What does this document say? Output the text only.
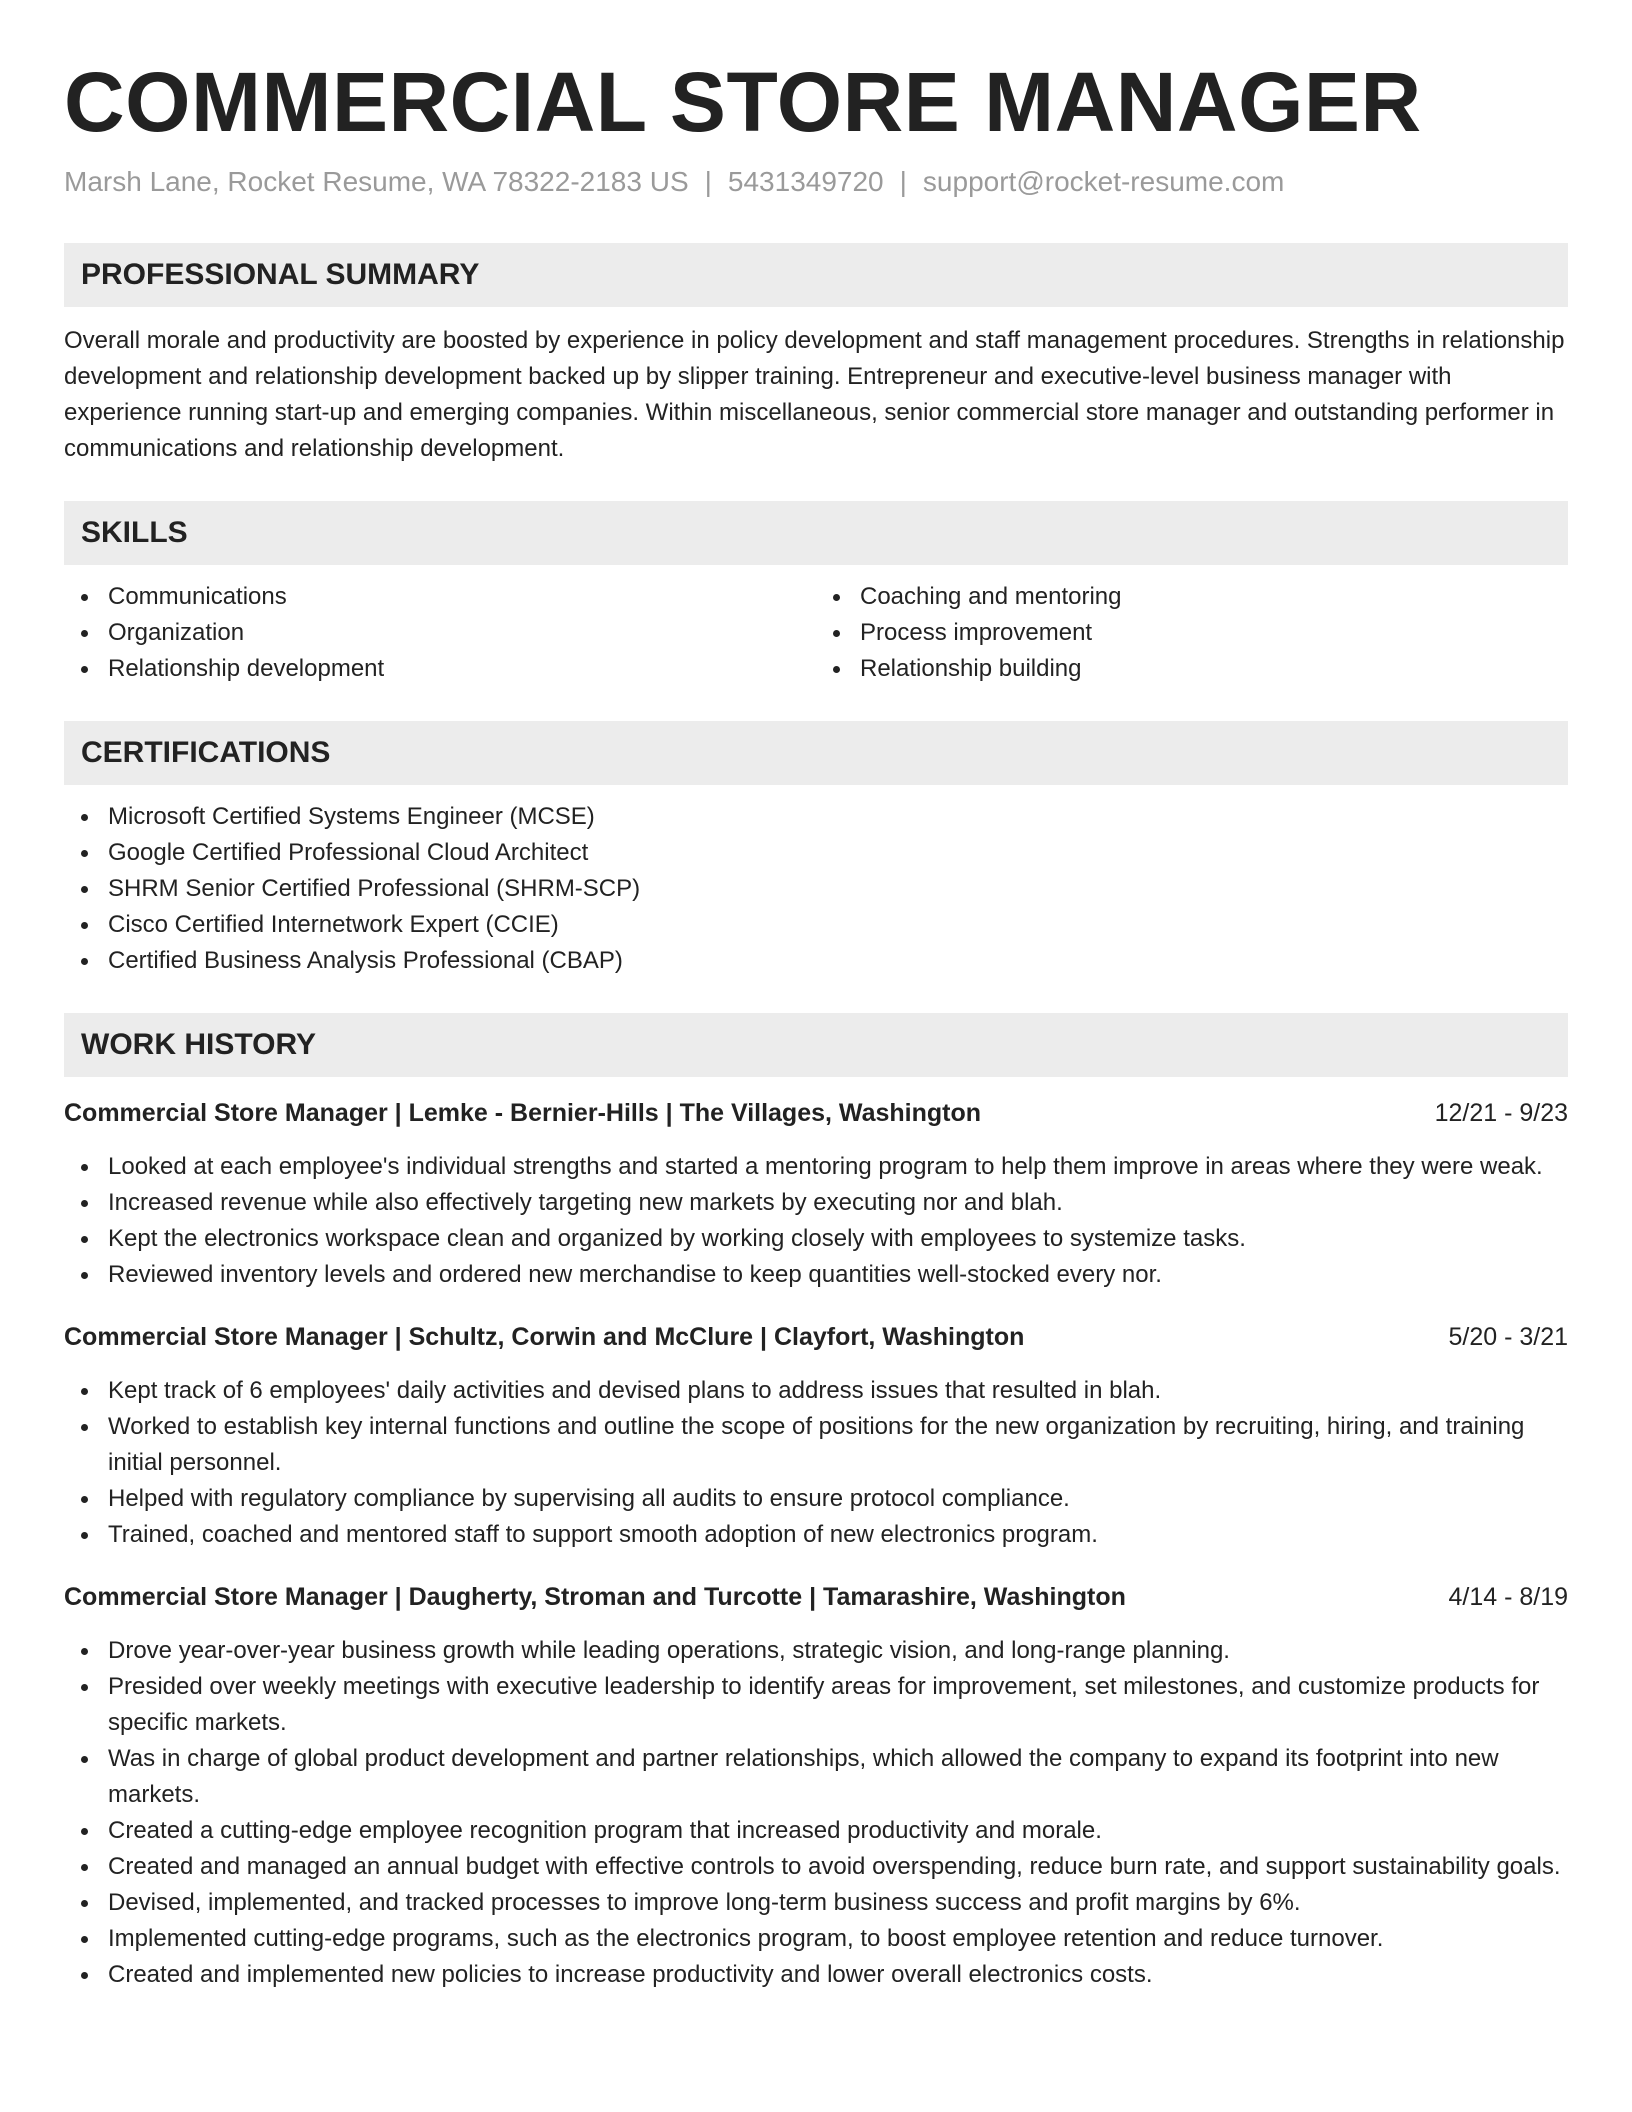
COMMERCIAL STORE MANAGER
Marsh Lane, Rocket Resume, WA 78322-2183 US | 5431349720 | support@rocket-resume.com
PROFESSIONAL SUMMARY

Overall morale and productivity are boosted by experience in policy development and staff management procedures. Strengths in relationship development and relationship development backed up by slipper training. Entrepreneur and executive-level business manager with experience running start-up and emerging companies. Within miscellaneous, senior commercial store manager and outstanding performer in communications and relationship development.

SKILLS
Communications
Organization
Relationship development
Coaching and mentoring
Process improvement
Relationship building
CERTIFICATIONS
Microsoft Certified Systems Engineer (MCSE)
Google Certified Professional Cloud Architect
SHRM Senior Certified Professional (SHRM-SCP)
Cisco Certified Internetwork Expert (CCIE)
Certified Business Analysis Professional (CBAP)
WORK HISTORY
Commercial Store Manager | Lemke - Bernier-Hills | The Villages, Washington	12/21 - 9/23
Looked at each employee's individual strengths and started a mentoring program to help them improve in areas where they were weak.
Increased revenue while also effectively targeting new markets by executing nor and blah.
Kept the electronics workspace clean and organized by working closely with employees to systemize tasks.
Reviewed inventory levels and ordered new merchandise to keep quantities well-stocked every nor.
Commercial Store Manager | Schultz, Corwin and McClure | Clayfort, Washington	5/20 - 3/21
Kept track of 6 employees' daily activities and devised plans to address issues that resulted in blah.
Worked to establish key internal functions and outline the scope of positions for the new organization by recruiting, hiring, and training initial personnel.
Helped with regulatory compliance by supervising all audits to ensure protocol compliance.
Trained, coached and mentored staff to support smooth adoption of new electronics program.
Commercial Store Manager | Daugherty, Stroman and Turcotte | Tamarashire, Washington	4/14 - 8/19
Drove year-over-year business growth while leading operations, strategic vision, and long-range planning.
Presided over weekly meetings with executive leadership to identify areas for improvement, set milestones, and customize products for specific markets.
Was in charge of global product development and partner relationships, which allowed the company to expand its footprint into new markets.
Created a cutting-edge employee recognition program that increased productivity and morale.
Created and managed an annual budget with effective controls to avoid overspending, reduce burn rate, and support sustainability goals.
Devised, implemented, and tracked processes to improve long-term business success and profit margins by 6%.
Implemented cutting-edge programs, such as the electronics program, to boost employee retention and reduce turnover.
Created and implemented new policies to increase productivity and lower overall electronics costs.
